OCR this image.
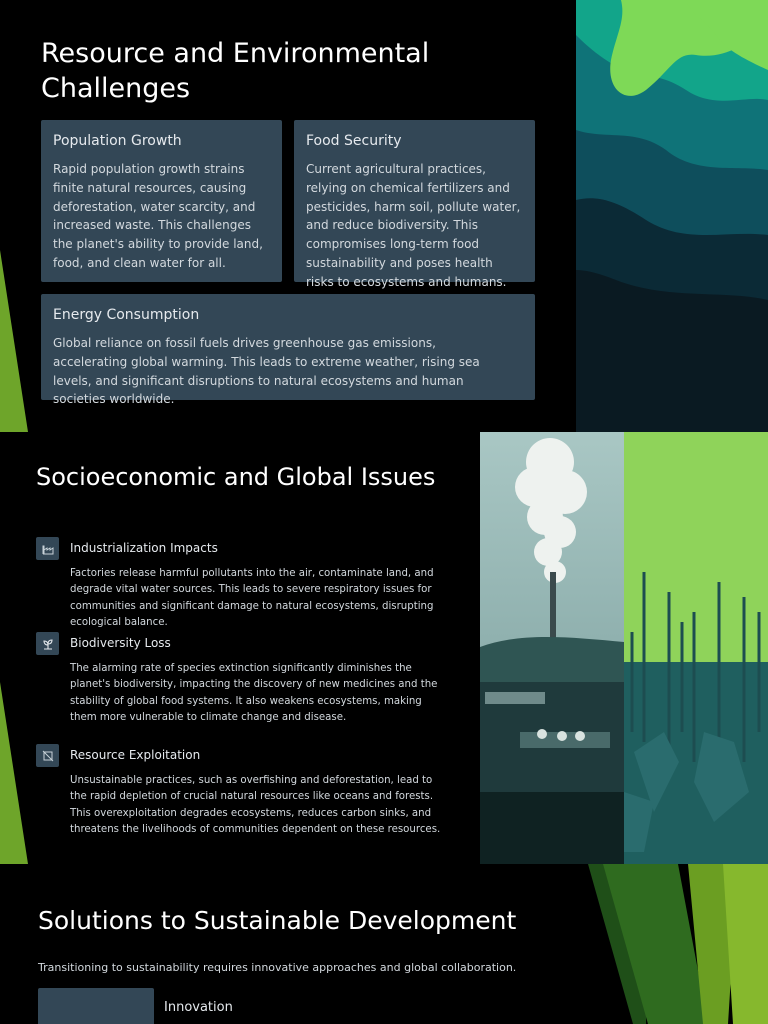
Resource and Environmental Challenges
Population Growth

Rapid population growth strains finite natural resources, causing deforestation, water scarcity, and increased waste. This challenges the planet's ability to provide land, food, and clean water for all.

Food Security

Current agricultural practices, relying on chemical fertilizers and pesticides, harm soil, pollute water, and reduce biodiversity. This compromises long-term food sustainability and poses health risks to ecosystems and humans.

Energy Consumption

Global reliance on fossil fuels drives greenhouse gas emissions, accelerating global warming. This leads to extreme weather, rising sea levels, and significant disruptions to natural ecosystems and human societies worldwide.

Socioeconomic and Global Issues
Industrialization Impacts

Factories release harmful pollutants into the air, contaminate land, and degrade vital water sources. This leads to severe respiratory issues for communities and significant damage to natural ecosystems, disrupting ecological balance.

Biodiversity Loss

The alarming rate of species extinction significantly diminishes the planet's biodiversity, impacting the discovery of new medicines and the stability of global food systems. It also weakens ecosystems, making them more vulnerable to climate change and disease.

Resource Exploitation

Unsustainable practices, such as overfishing and deforestation, lead to the rapid depletion of crucial natural resources like oceans and forests. This overexploitation degrades ecosystems, reduces carbon sinks, and threatens the livelihoods of communities dependent on these resources.

Solutions to Sustainable Development
Transitioning to sustainability requires innovative approaches and global collaboration.
Innovation
